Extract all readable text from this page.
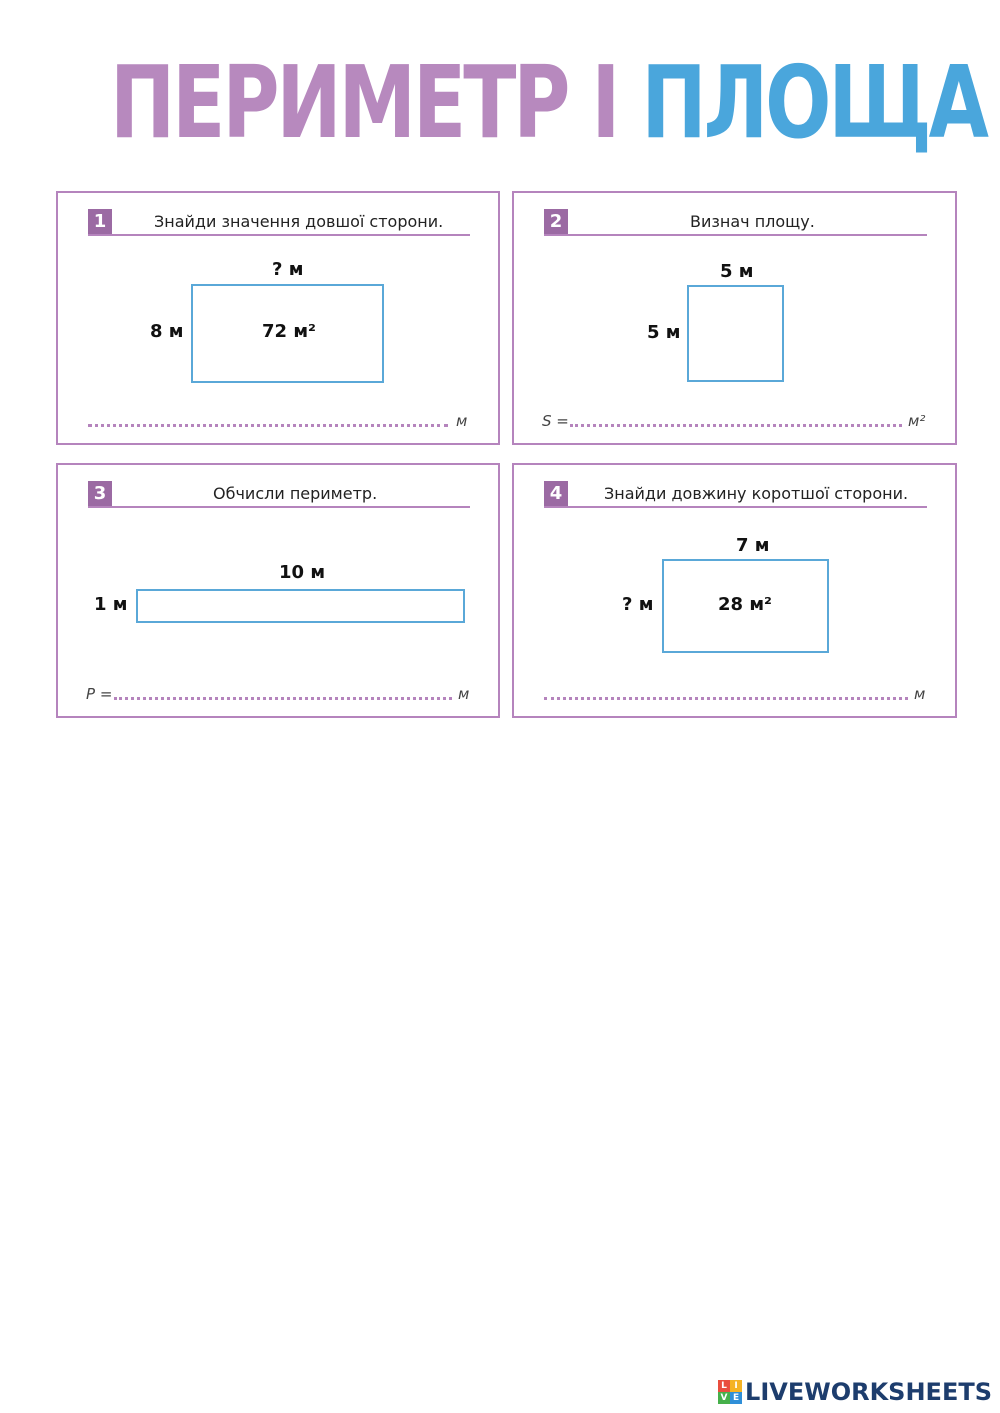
ПЕРИМЕТР І ПЛОЩА
1	Знайди значення довшої сторони.
? м
8 м	72 м²
м
2	Визнач площу.
5 м
5 м
S =	м²
3	Обчисли периметр.
10 м
1 м
P =	м
4	Знайди довжину коротшої сторони.
7 м
? м	28 м²
м
L I
V E LIVEWORKSHEETS
